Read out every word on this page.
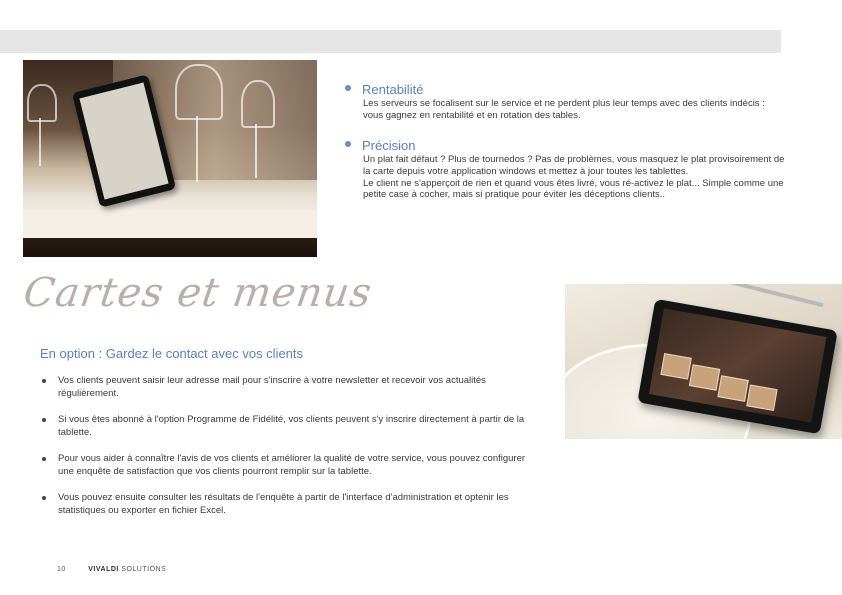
Rentabilité

Les serveurs se focalisent sur le service et ne perdent plus leur temps avec des clients indécis : vous gagnez en rentabilité et en rotation des tables.

Précision

Un plat fait défaut ? Plus de tournedos ? Pas de problèmes, vous masquez le plat provisoirement de la carte depuis votre application windows et mettez à jour toutes les tablettes.

Le client ne s'apperçoit de rien et quand vous êtes livré, vous ré-activez le plat... Simple comme une petite case à cocher, mais si pratique pour éviter les déceptions clients..

Cartes et menus
En option : Gardez le contact avec vos clients
Vos clients peuvent saisir leur adresse mail pour s'inscrire à votre newsletter et recevoir vos actualités régulièrement.
Si vous êtes abonné à l'option Programme de Fidélité, vos clients peuvent s'y inscrire directement à partir de la tablette.
Pour vous aider à connaître l'avis de vos clients et améliorer la qualité de votre service, vous pouvez configurer une enquête de satisfaction que vos clients pourront remplir sur la tablette.
Vous pouvez ensuite consulter les résultats de l'enquête à partir de l'interface d'administration et optenir les statistiques ou exporter en fichier Excel.
10	VIVALDI SOLUTIONS
